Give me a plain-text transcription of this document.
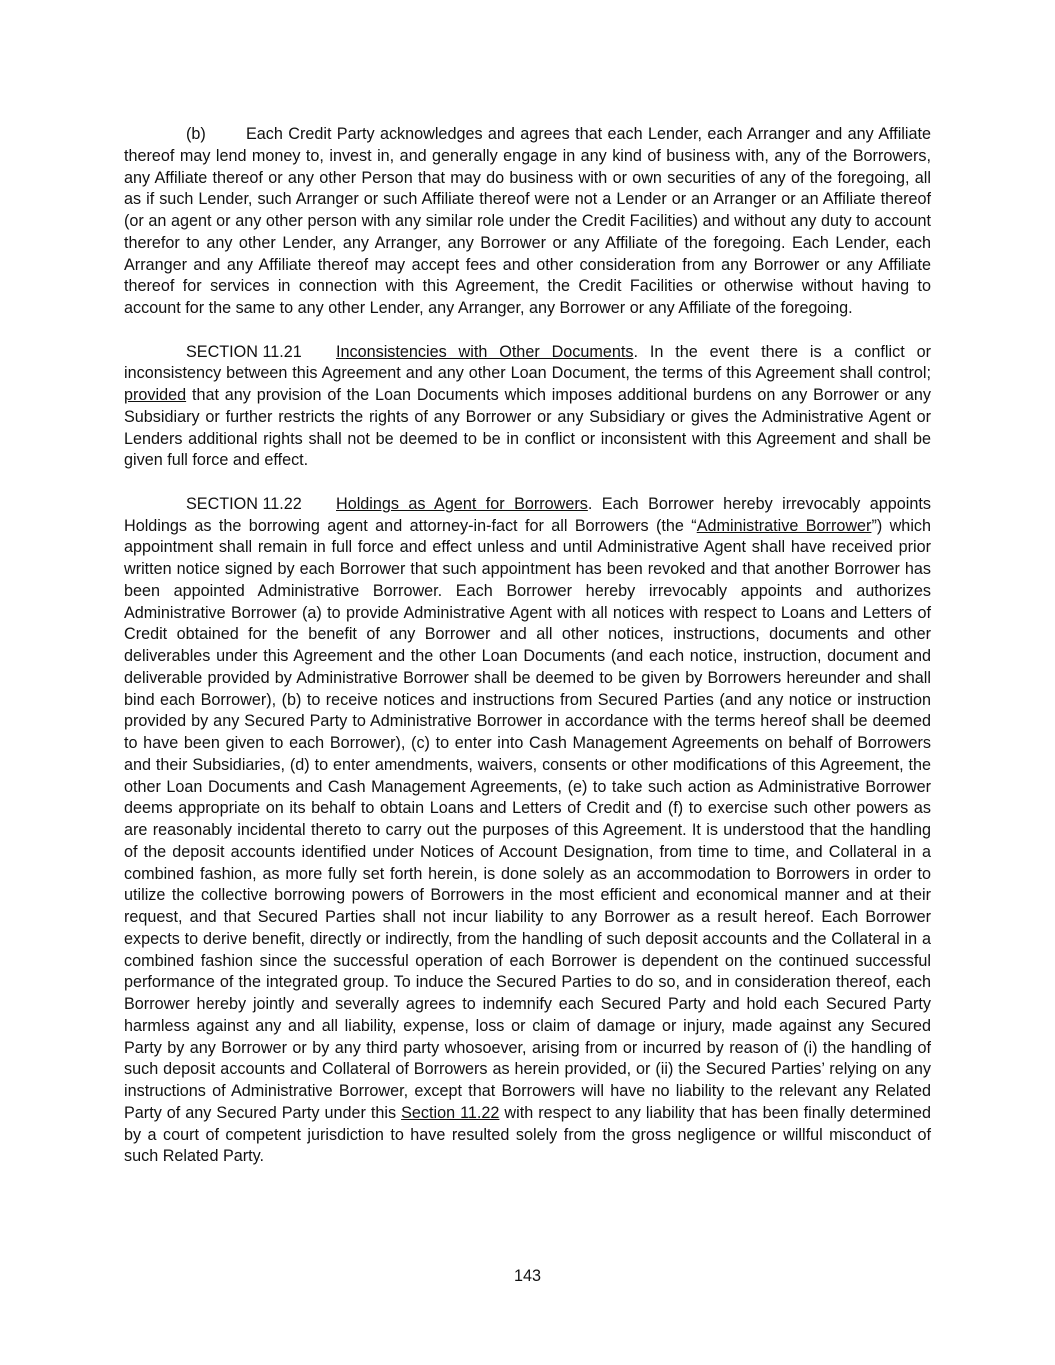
(b) Each Credit Party acknowledges and agrees that each Lender, each Arranger and any Affiliate thereof may lend money to, invest in, and generally engage in any kind of business with, any of the Borrowers, any Affiliate thereof or any other Person that may do business with or own securities of any of the foregoing, all as if such Lender, such Arranger or such Affiliate thereof were not a Lender or an Arranger or an Affiliate thereof (or an agent or any other person with any similar role under the Credit Facilities) and without any duty to account therefor to any other Lender, any Arranger, any Borrower or any Affiliate of the foregoing. Each Lender, each Arranger and any Affiliate thereof may accept fees and other consideration from any Borrower or any Affiliate thereof for services in connection with this Agreement, the Credit Facilities or otherwise without having to account for the same to any other Lender, any Arranger, any Borrower or any Affiliate of the foregoing.

SECTION 11.21 Inconsistencies with Other Documents. In the event there is a conflict or inconsistency between this Agreement and any other Loan Document, the terms of this Agreement shall control; provided that any provision of the Loan Documents which imposes additional burdens on any Borrower or any Subsidiary or further restricts the rights of any Borrower or any Subsidiary or gives the Administrative Agent or Lenders additional rights shall not be deemed to be in conflict or inconsistent with this Agreement and shall be given full force and effect.

SECTION 11.22 Holdings as Agent for Borrowers. Each Borrower hereby irrevocably appoints Holdings as the borrowing agent and attorney-in-fact for all Borrowers (the “Administrative Borrower”) which appointment shall remain in full force and effect unless and until Administrative Agent shall have received prior written notice signed by each Borrower that such appointment has been revoked and that another Borrower has been appointed Administrative Borrower. Each Borrower hereby irrevocably appoints and authorizes Administrative Borrower (a) to provide Administrative Agent with all notices with respect to Loans and Letters of Credit obtained for the benefit of any Borrower and all other notices, instructions, documents and other deliverables under this Agreement and the other Loan Documents (and each notice, instruction, document and deliverable provided by Administrative Borrower shall be deemed to be given by Borrowers hereunder and shall bind each Borrower), (b) to receive notices and instructions from Secured Parties (and any notice or instruction provided by any Secured Party to Administrative Borrower in accordance with the terms hereof shall be deemed to have been given to each Borrower), (c) to enter into Cash Management Agreements on behalf of Borrowers and their Subsidiaries, (d) to enter amendments, waivers, consents or other modifications of this Agreement, the other Loan Documents and Cash Management Agreements, (e) to take such action as Administrative Borrower deems appropriate on its behalf to obtain Loans and Letters of Credit and (f) to exercise such other powers as are reasonably incidental thereto to carry out the purposes of this Agreement. It is understood that the handling of the deposit accounts identified under Notices of Account Designation, from time to time, and Collateral in a combined fashion, as more fully set forth herein, is done solely as an accommodation to Borrowers in order to utilize the collective borrowing powers of Borrowers in the most efficient and economical manner and at their request, and that Secured Parties shall not incur liability to any Borrower as a result hereof. Each Borrower expects to derive benefit, directly or indirectly, from the handling of such deposit accounts and the Collateral in a combined fashion since the successful operation of each Borrower is dependent on the continued successful performance of the integrated group. To induce the Secured Parties to do so, and in consideration thereof, each Borrower hereby jointly and severally agrees to indemnify each Secured Party and hold each Secured Party harmless against any and all liability, expense, loss or claim of damage or injury, made against any Secured Party by any Borrower or by any third party whosoever, arising from or incurred by reason of (i) the handling of such deposit accounts and Collateral of Borrowers as herein provided, or (ii) the Secured Parties’ relying on any instructions of Administrative Borrower, except that Borrowers will have no liability to the relevant any Related Party of any Secured Party under this Section 11.22 with respect to any liability that has been finally determined by a court of competent jurisdiction to have resulted solely from the gross negligence or willful misconduct of such Related Party.

143
